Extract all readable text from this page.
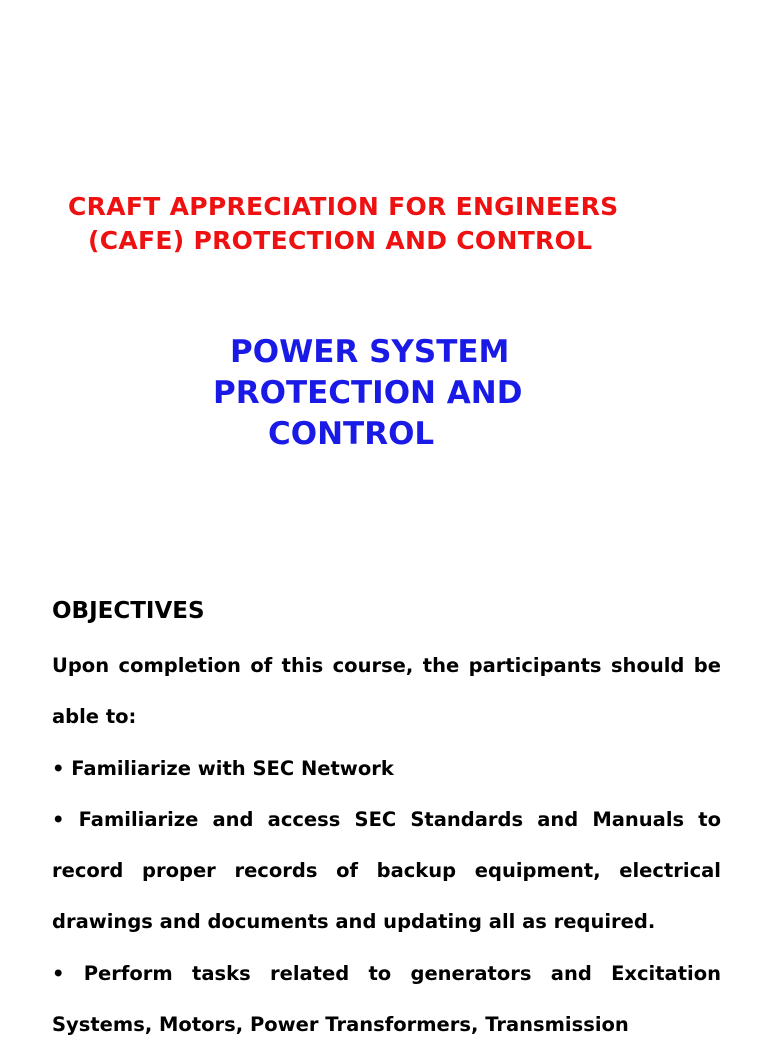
CRAFT APPRECIATION FOR ENGINEERS
(CAFE) PROTECTION AND CONTROL
POWER SYSTEM
PROTECTION AND
CONTROL
OBJECTIVES

Upon completion of this course, the participants should be able to:

• Familiarize with SEC Network

• Familiarize and access SEC Standards and Manuals to record proper records of backup equipment, electrical drawings and documents and updating all as required.

• Perform tasks related to generators and Excitation Systems, Motors, Power Transformers, Transmission
